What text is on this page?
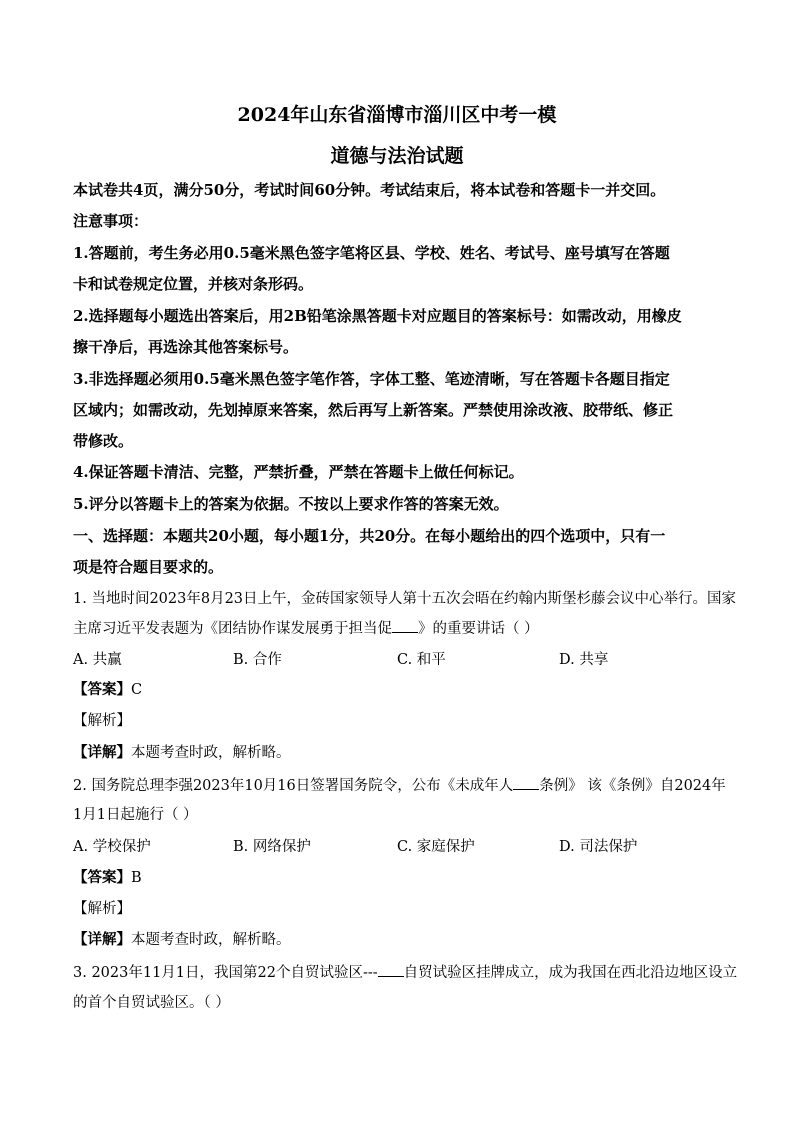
2024年山东省淄博市淄川区中考一模
道德与法治试题
本试卷共4页，满分50分，考试时间60分钟。考试结束后，将本试卷和答题卡一并交回。
注意事项：
1.答题前，考生务必用0.5毫米黑色签字笔将区县、学校、姓名、考试号、座号填写在答题
卡和试卷规定位置，并核对条形码。
2.选择题每小题选出答案后，用2B铅笔涂黑答题卡对应题目的答案标号：如需改动，用橡皮
擦干净后，再选涂其他答案标号。
3.非选择题必须用0.5毫米黑色签字笔作答，字体工整、笔迹清晰，写在答题卡各题目指定
区域内；如需改动，先划掉原来答案，然后再写上新答案。严禁使用涂改液、胶带纸、修正
带修改。
4.保证答题卡清洁、完整，严禁折叠，严禁在答题卡上做任何标记。
5.评分以答题卡上的答案为依据。不按以上要求作答的答案无效。
一、选择题：本题共20小题，每小题1分，共20分。在每小题给出的四个选项中，只有一
项是符合题目要求的。
1. 当地时间2023年8月23日上午，金砖国家领导人第十五次会晤在约翰内斯堡杉藤会议中心举行。国家
主席习近平发表题为《团结协作谋发展勇于担当促 》的重要讲话（ ）
A. 共赢	B. 合作	C. 和平	D. 共享
【答案】C
【解析】
【详解】本题考查时政，解析略。
2. 国务院总理李强2023年10月16日签署国务院令，公布《未成年人 条例》 该《条例》自2024年
1月1日起施行（ ）
A. 学校保护	B. 网络保护	C. 家庭保护	D. 司法保护
【答案】B
【解析】
【详解】本题考查时政，解析略。
3. 2023年11月1日，我国第22个自贸试验区--- 自贸试验区挂牌成立，成为我国在西北沿边地区设立
的首个自贸试验区。（ ）
